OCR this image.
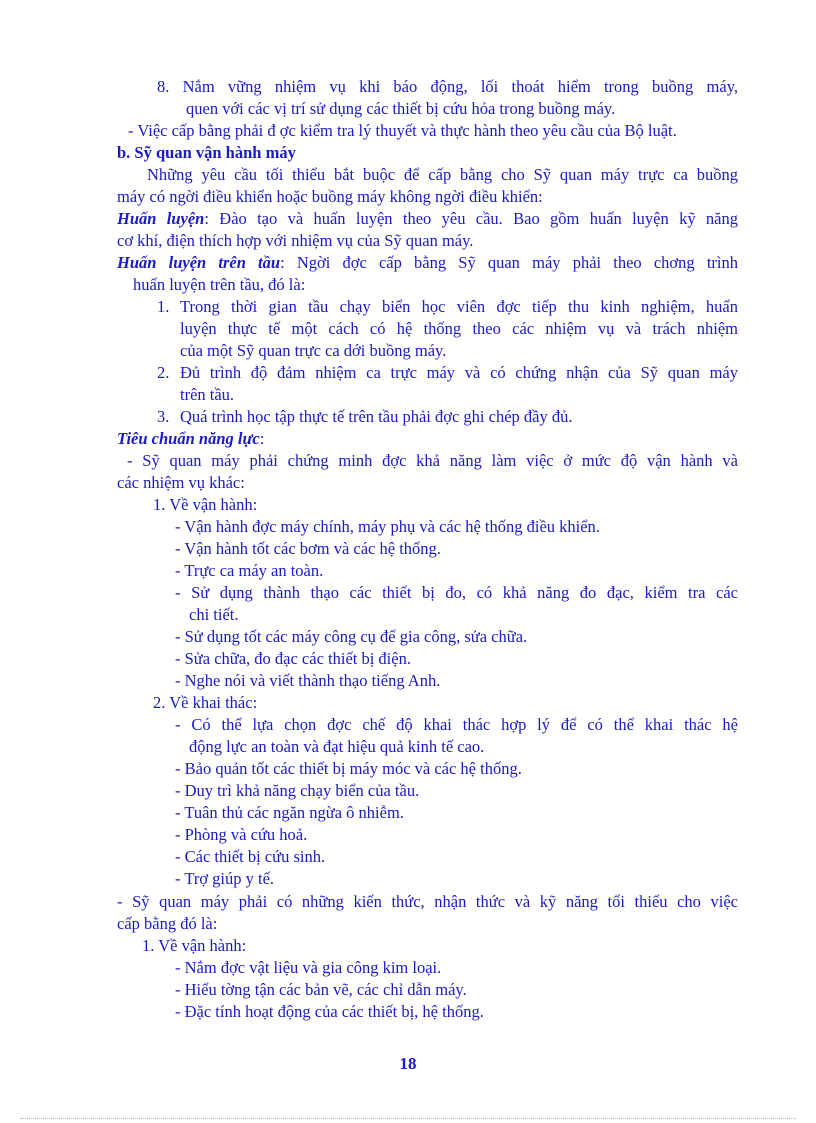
8. Nắm vững nhiệm vụ khi báo động, lối thoát hiểm trong buồng máy,
quen với các vị trí sử dụng các thiết bị cứu hỏa trong buồng máy.
- Việc cấp bằng phải đ ợc kiểm tra lý thuyết và thực hành theo yêu cầu của Bộ luật.
b. Sỹ quan vận hành máy
Những yêu cầu tối thiểu bắt buộc để cấp bằng cho Sỹ quan máy trực ca buồng
máy có ngời điều khiển hoặc buồng máy không ngời điều khiển:
Huấn luyện: Đào tạo và huấn luyện theo yêu cầu. Bao gồm huấn luyện kỹ năng
cơ khí, điện thích hợp với nhiệm vụ của Sỹ quan máy.
Huấn luyện trên tầu: Ngời đợc cấp bằng Sỹ quan máy phải theo chơng trình
huấn luyện trên tầu, đó là:
1. Trong thời gian tầu chạy biển học viên đợc tiếp thu kinh nghiệm, huấn
luyện thực tế một cách có hệ thống theo các nhiệm vụ và trách nhiệm
của một Sỹ quan trực ca dới buồng máy.
2. Đủ trình độ đảm nhiệm ca trực máy và có chứng nhận của Sỹ quan máy
trên tầu.
3. Quá trình học tập thực tế trên tầu phải đợc ghi chép đầy đủ.
Tiêu chuẩn năng lực:
- Sỹ quan máy phải chứng minh đợc khả năng làm việc ở mức độ vận hành và
các nhiệm vụ khác:
1. Về vận hành:
- Vận hành đợc máy chính, máy phụ và các hệ thống điều khiển.
- Vận hành tốt các bơm và các hệ thống.
- Trực ca máy an toàn.
- Sử dụng thành thạo các thiết bị đo, có khả năng đo đạc, kiểm tra các
chi tiết.
- Sử dụng tốt các máy công cụ để gia công, sửa chữa.
- Sửa chữa, đo đạc các thiết bị điện.
- Nghe nói và viết thành thạo tiếng Anh.
2. Về khai thác:
- Có thể lựa chọn đợc chế độ khai thác hợp lý để có thể khai thác hệ
động lực an toàn và đạt hiệu quả kinh tế cao.
- Bảo quản tốt các thiết bị máy móc và các hệ thống.
- Duy trì khả năng chạy biển của tầu.
- Tuân thủ các ngăn ngừa ô nhiễm.
- Phòng và cứu hoả.
- Các thiết bị cứu sinh.
- Trợ giúp y tế.
- Sỹ quan máy phải có những kiến thức, nhận thức và kỹ năng tối thiểu cho việc
cấp bằng đó là:
1. Về vận hành:
- Nắm đợc vật liệu và gia công kim loại.
- Hiểu tờng tận các bản vẽ, các chỉ dẫn máy.
- Đặc tính hoạt động của các thiết bị, hệ thống.
18
